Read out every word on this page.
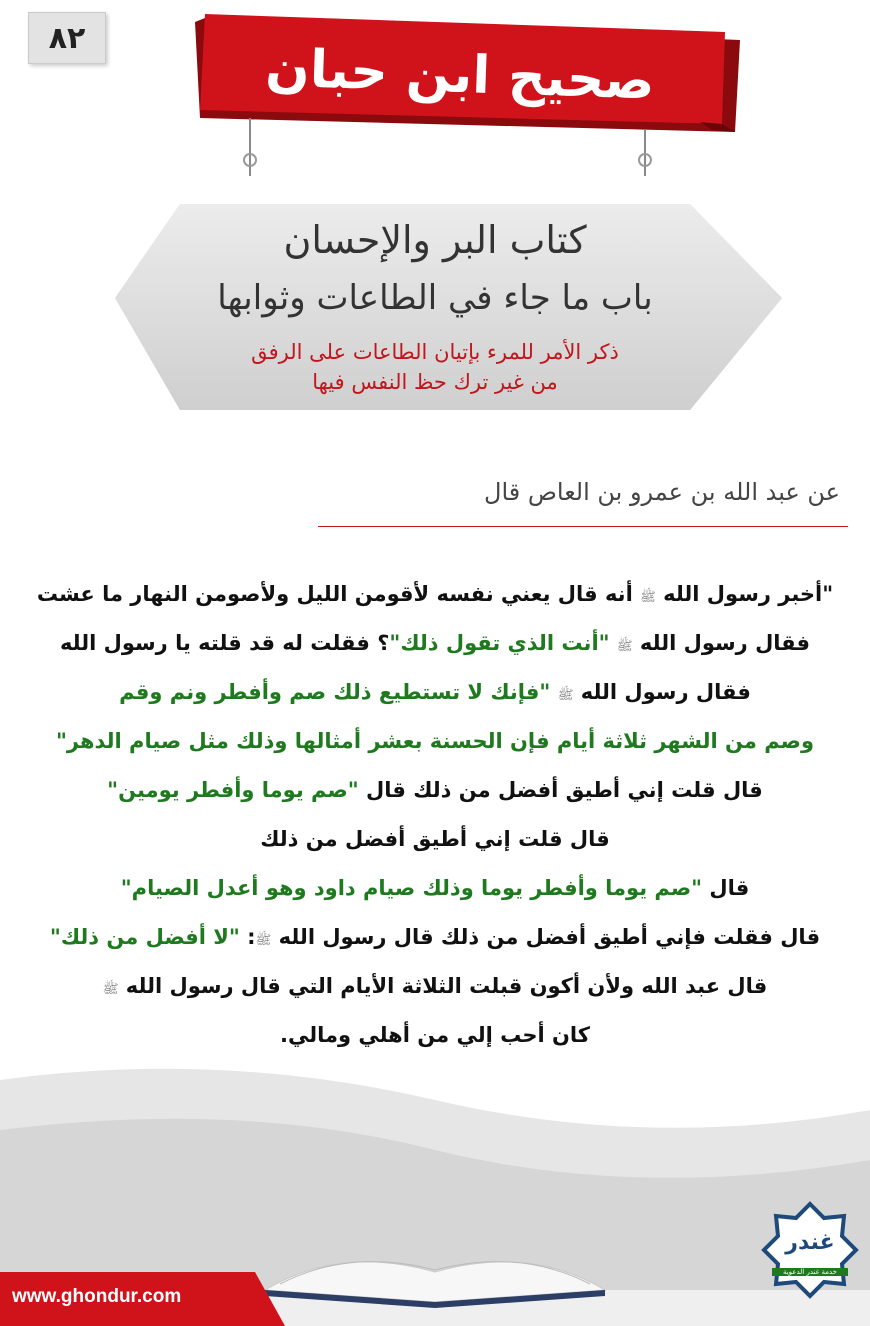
صحيح ابن حبان
٨٢
كتاب البر والإحسان
باب ما جاء في الطاعات وثوابها
ذكر الأمر للمرء بإتيان الطاعات على الرفق
من غير ترك حظ النفس فيها
عن عبد الله بن عمرو بن العاص قال
"أخبر رسول الله ﷺ أنه قال يعني نفسه لأقومن الليل ولأصومن النهار ما عشت
فقال رسول الله ﷺ "أنت الذي تقول ذلك"؟ فقلت له قد قلته يا رسول الله
فقال رسول الله ﷺ "فإنك لا تستطيع ذلك صم وأفطر ونم وقم
وصم من الشهر ثلاثة أيام فإن الحسنة بعشر أمثالها وذلك مثل صيام الدهر"
قال قلت إني أطيق أفضل من ذلك قال "صم يوما وأفطر يومين"
قال قلت إني أطيق أفضل من ذلك
قال "صم يوما وأفطر يوما وذلك صيام داود وهو أعدل الصيام"
قال فقلت فإني أطيق أفضل من ذلك قال رسول الله ﷺ: "لا أفضل من ذلك"
قال عبد الله ولأن أكون قبلت الثلاثة الأيام التي قال رسول الله ﷺ
كان أحب إلي من أهلي ومالي.
www.ghondur.com
غندر
خدمة غندر الدعوية
